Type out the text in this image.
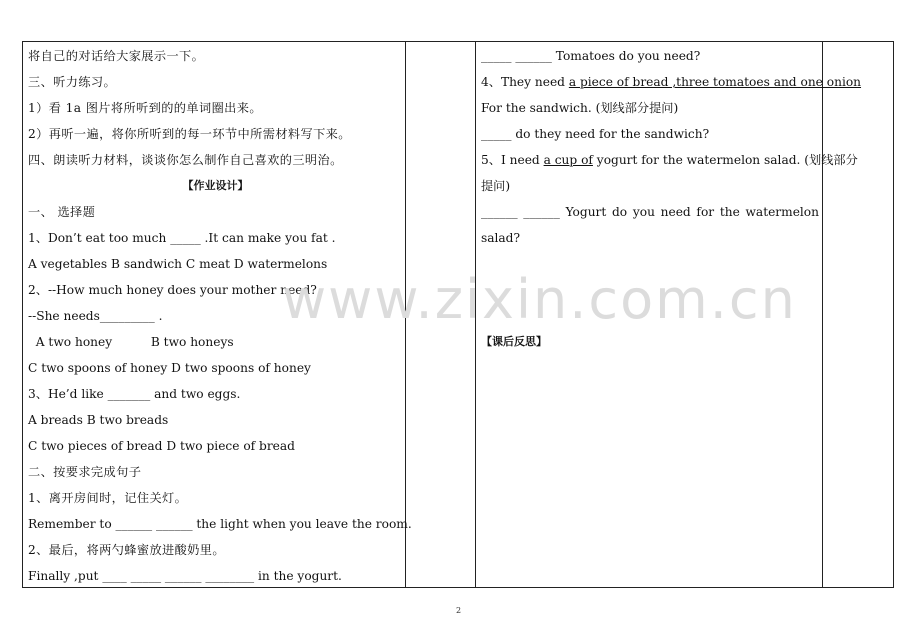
将自己的对话给大家展示一下。
三、听力练习。
1）看 1a 图片将所听到的的单词圈出来。
2）再听一遍，将你所听到的每一环节中所需材料写下来。
四、朗读听力材料，谈谈你怎么制作自己喜欢的三明治。
【作业设计】
一、 选择题
1、Don’t eat too much _____ .It can make you fat .
A vegetables B sandwich C meat D watermelons
2、--How much honey does your mother need?
--She needs_________ .
A two honey          B two honeys
C two spoons of honey D two spoons of honey
3、He’d like _______ and two eggs.
A breads B two breads
C two pieces of bread D two piece of bread
二、按要求完成句子
1、离开房间时，记住关灯。
Remember to ______ ______ the light when you leave the room.
2、最后，将两勺蜂蜜放进酸奶里。
Finally ,put ____ _____ ______ ________ in the yogurt.
_____ ______ Tomatoes do you need?
4、They need a piece of bread ,three tomatoes and one onion
For the sandwich. (划线部分提问)
_____ do they need for the sandwich?
5、I need a cup of yogurt for the watermelon salad. (划线部分
提问)
______ ______ Yogurt do you need for the watermelon
salad?
【课后反思】
www.zixin.com.cn
2
